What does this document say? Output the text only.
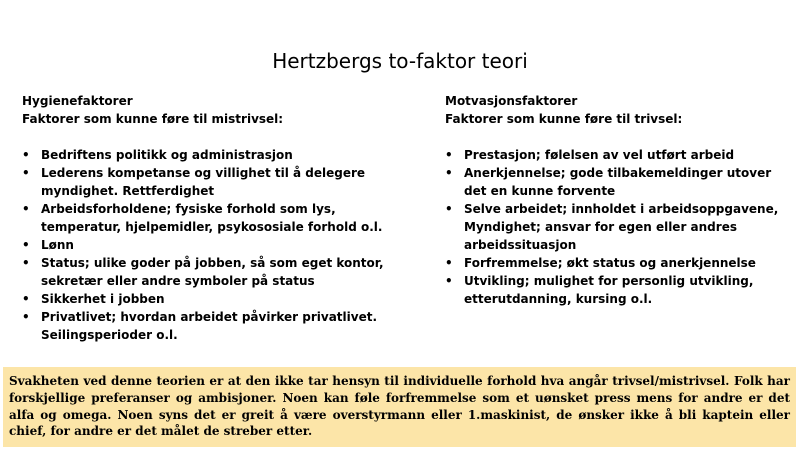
Hertzbergs to-faktor teori

Hygienefaktorer

Faktorer som kunne føre til mistrivsel:

• Bedriftens politikk og administrasjon
• Lederens kompetanse og villighet til å delegere myndighet. Rettferdighet
• Arbeidsforholdene; fysiske forhold som lys, temperatur, hjelpemidler, psykososiale forhold o.l.
• Lønn
• Status; ulike goder på jobben, så som eget kontor, sekretær eller andre symboler på status
• Sikkerhet i jobben
• Privatlivet; hvordan arbeidet påvirker privatlivet. Seilingsperioder o.l.

Motvasjonsfaktorer

Faktorer som kunne føre til trivsel:

• Prestasjon; følelsen av vel utført arbeid
• Anerkjennelse; gode tilbakemeldinger utover det en kunne forvente
• Selve arbeidet; innholdet i arbeidsoppgavene, Myndighet; ansvar for egen eller andres arbeidssituasjon
• Forfremmelse; økt status og anerkjennelse
• Utvikling; mulighet for personlig utvikling, etterutdanning, kursing o.l.
Svakheten ved denne teorien er at den ikke tar hensyn til individuelle forhold hva angår trivsel/mistrivsel. Folk har forskjellige preferanser og ambisjoner. Noen kan føle forfremmelse som et uønsket press mens for andre er det alfa og omega. Noen syns det er greit å være overstyrmann eller 1.maskinist, de ønsker ikke å bli kaptein eller chief, for andre er det målet de streber etter.
